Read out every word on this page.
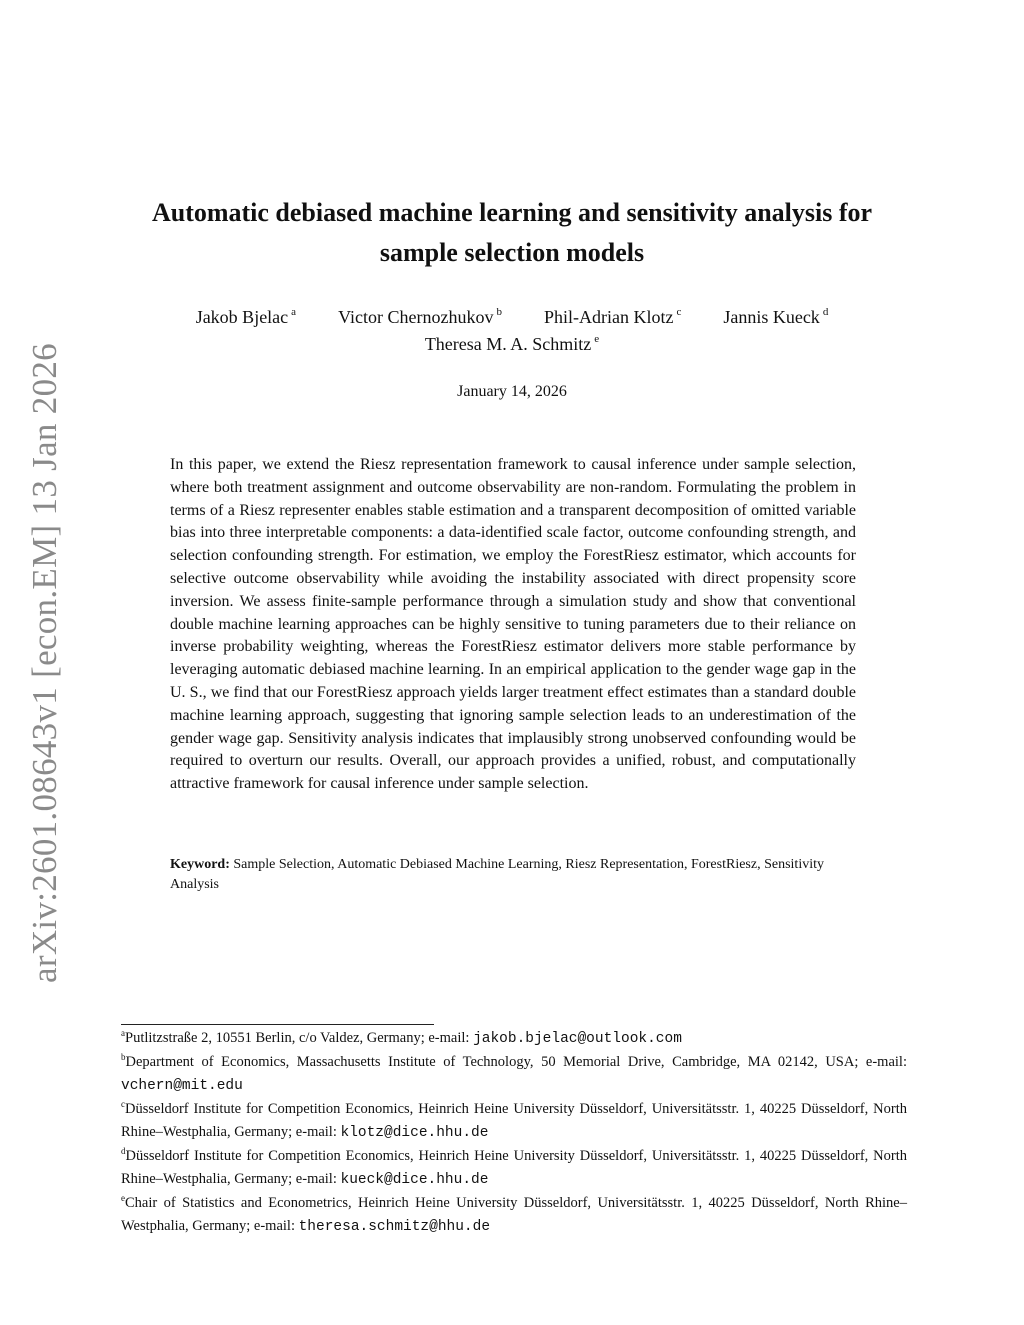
arXiv:2601.08643v1 [econ.EM] 13 Jan 2026
Automatic debiased machine learning and sensitivity analysis for
sample selection models
Jakob Bjelac $^a$ Victor Chernozhukov $^b$ Phil-Adrian Klotz $^c$ Jannis Kueck $^d$
Theresa M. A. Schmitz $^e$
January 14, 2026

In this paper, we extend the Riesz representation framework to causal inference under sample selection, where both treatment assignment and outcome observability are non-random. Formulating the problem in terms of a Riesz representer enables stable estimation and a transparent decomposition of omitted variable bias into three interpretable components: a data-identified scale factor, outcome confounding strength, and selection confounding strength. For estimation, we employ the ForestRiesz estimator, which accounts for selective outcome observability while avoiding the instability associated with direct propensity score inversion. We assess finite-sample performance through a simulation study and show that conventional double machine learning approaches can be highly sensitive to tuning parameters due to their reliance on inverse probability weighting, whereas the ForestRiesz estimator delivers more stable performance by leveraging automatic debiased machine learning. In an empirical application to the gender wage gap in the U. S., we find that our ForestRiesz approach yields larger treatment effect estimates than a standard double machine learning approach, suggesting that ignoring sample selection leads to an underestimation of the gender wage gap. Sensitivity analysis indicates that implausibly strong unobserved confounding would be required to overturn our results. Overall, our approach provides a unified, robust, and computationally attractive framework for causal inference under sample selection.

Keyword: Sample Selection, Automatic Debiased Machine Learning, Riesz Representation, ForestRiesz, Sensitivity Analysis

$^a$Putlitzstraße 2, 10551 Berlin, c/o Valdez, Germany; e-mail: jakob.bjelac@outlook.com

$^b$Department of Economics, Massachusetts Institute of Technology, 50 Memorial Drive, Cambridge, MA 02142, USA; e-mail: vchern@mit.edu

$^c$Düsseldorf Institute for Competition Economics, Heinrich Heine University Düsseldorf, Universitätsstr. 1, 40225 Düsseldorf, North Rhine–Westphalia, Germany; e-mail: klotz@dice.hhu.de

$^d$Düsseldorf Institute for Competition Economics, Heinrich Heine University Düsseldorf, Universitätsstr. 1, 40225 Düsseldorf, North Rhine–Westphalia, Germany; e-mail: kueck@dice.hhu.de

$^e$Chair of Statistics and Econometrics, Heinrich Heine University Düsseldorf, Universitätsstr. 1, 40225 Düsseldorf, North Rhine–Westphalia, Germany; e-mail: theresa.schmitz@hhu.de
